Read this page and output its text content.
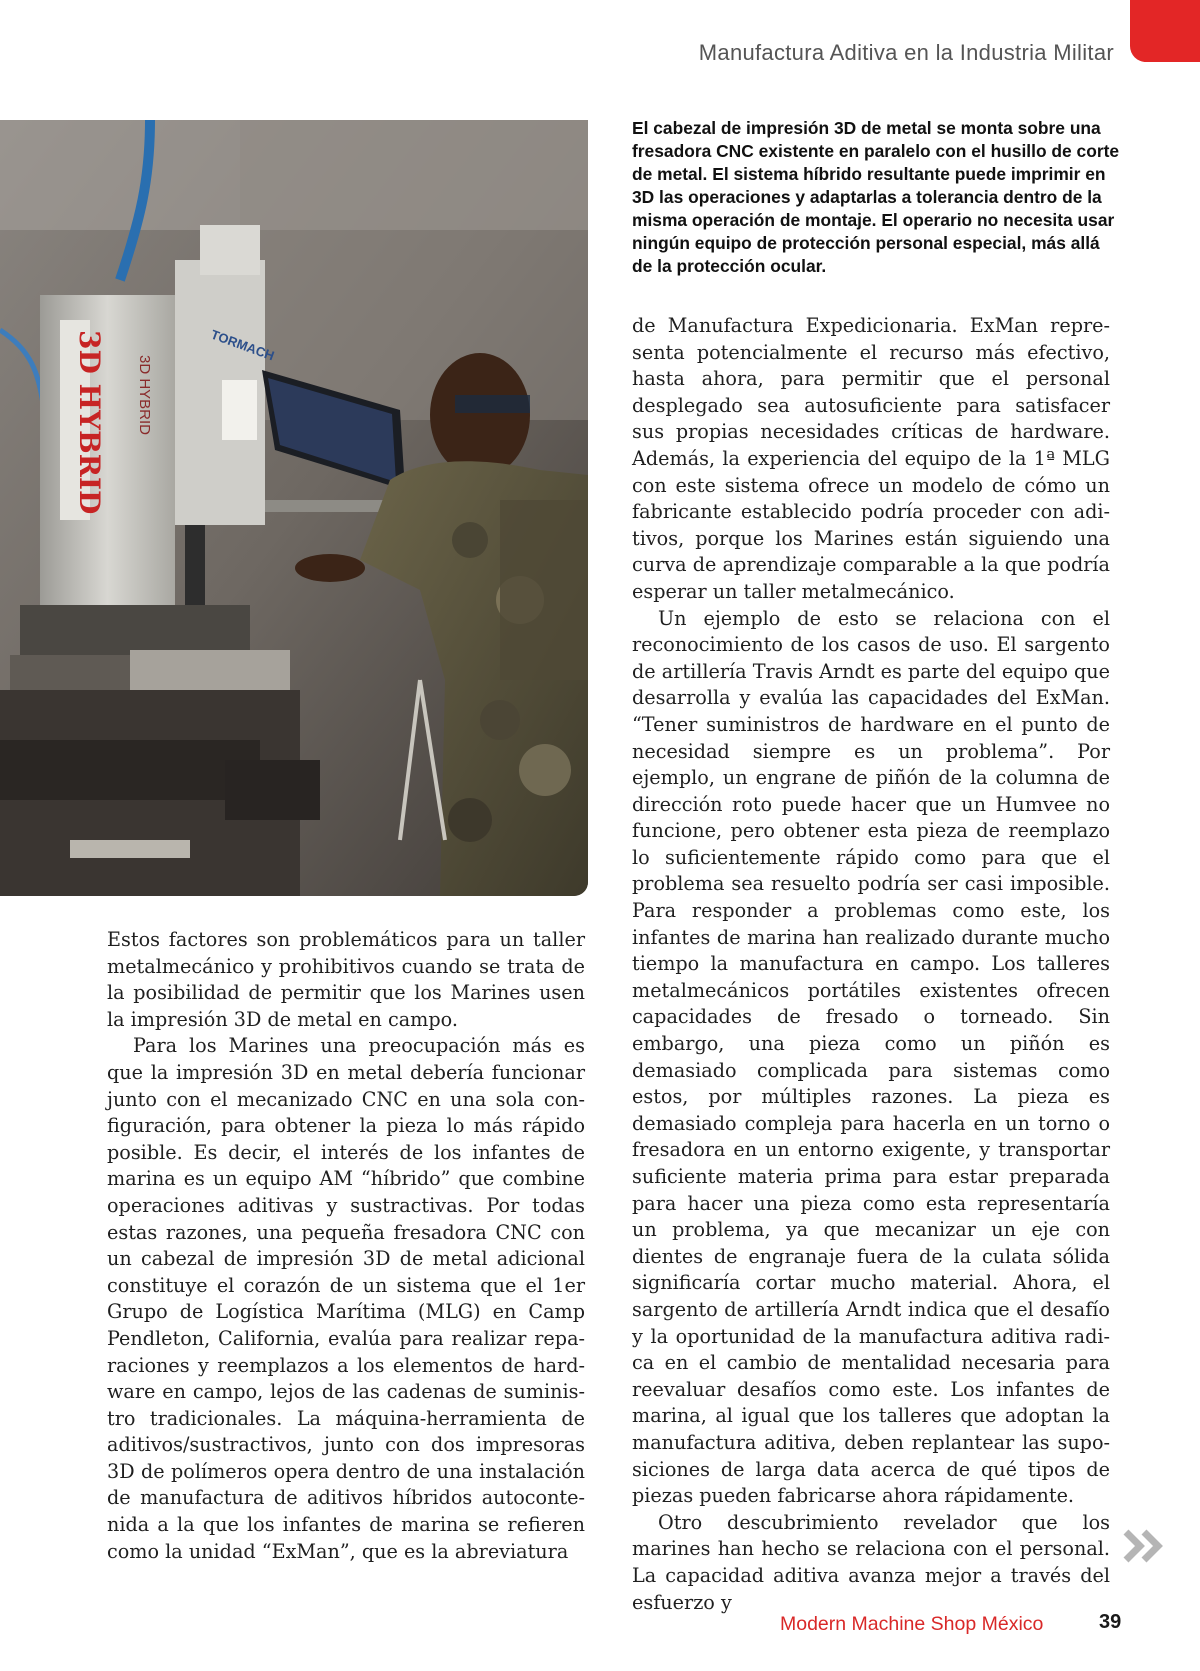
Manufactura Aditiva en la Industria Militar
3D HYBRID 3D HYBRID
TORMACH
El cabezal de impresión 3D de metal se monta sobre una fresadora CNC existente en paralelo con el husillo de corte de metal. El sistema híbrido resultante puede imprimir en 3D las operaciones y adaptarlas a tolerancia dentro de la misma operación de montaje. El operario no necesita usar ningún equipo de protección personal especial, más allá de la protección ocular.

Estos factores son problemáticos para un taller metalmecánico y prohibitivos cuando se trata de la posibilidad de permitir que los Marines usen la impresión 3D de metal en campo.

Para los Marines una preocupación más es que la impresión 3D en metal debería funcionar junto con el mecanizado CNC en una sola configuración, para obtener la pieza lo más rápido posible. Es decir, el interés de los infantes de marina es un equipo AM “híbrido” que combine operaciones aditivas y sustractivas. Por todas estas razones, una pequeña fresadora CNC con un cabezal de impresión 3D de metal adicional constituye el corazón de un sistema que el 1er Grupo de Logística Marítima (MLG) en Camp Pendleton, California, evalúa para realizar reparaciones y reemplazos a los elementos de hardware en campo, lejos de las cadenas de suministro tradicionales. La máquina-herramienta de aditivos/sustractivos, junto con dos impresoras 3D de polímeros opera dentro de una instalación de manufactura de aditivos híbridos autocontenida a la que los infantes de marina se refieren como la unidad “ExMan”, que es la abreviatura

de Manufactura Expedicionaria. ExMan representa potencialmente el recurso más efectivo, hasta ahora, para permitir que el personal desplegado sea autosuficiente para satisfacer sus propias necesidades críticas de hardware. Además, la experiencia del equipo de la 1ª MLG con este sistema ofrece un modelo de cómo un fabricante establecido podría proceder con aditivos, porque los Marines están siguiendo una curva de aprendizaje comparable a la que podría esperar un taller metalmecánico.

Un ejemplo de esto se relaciona con el reconocimiento de los casos de uso. El sargento de artillería Travis Arndt es parte del equipo que desarrolla y evalúa las capacidades del ExMan. “Tener suministros de hardware en el punto de necesidad siempre es un problema”. Por ejemplo, un engrane de piñón de la columna de dirección roto puede hacer que un Humvee no funcione, pero obtener esta pieza de reemplazo lo suficientemente rápido como para que el problema sea resuelto podría ser casi imposible. Para responder a problemas como este, los infantes de marina han realizado durante mucho tiempo la manufactura en campo. Los talleres metalmecánicos portátiles existentes ofrecen capacidades de fresado o torneado. Sin embargo, una pieza como un piñón es demasiado complicada para sistemas como estos, por múltiples razones. La pieza es demasiado compleja para hacerla en un torno o fresadora en un entorno exigente, y transportar suficiente materia prima para estar preparada para hacer una pieza como esta representaría un problema, ya que mecanizar un eje con dientes de engranaje fuera de la culata sólida significaría cortar mucho material. Ahora, el sargento de artillería Arndt indica que el desafío y la oportunidad de la manufactura aditiva radica en el cambio de mentalidad necesaria para reevaluar desafíos como este. Los infantes de marina, al igual que los talleres que adoptan la manufactura aditiva, deben replantear las suposiciones de larga data acerca de qué tipos de piezas pueden fabricarse ahora rápidamente.

Otro descubrimiento revelador que los marines han hecho se relaciona con el personal. La capacidad aditiva avanza mejor a través del esfuerzo y

Modern Machine Shop México	39
